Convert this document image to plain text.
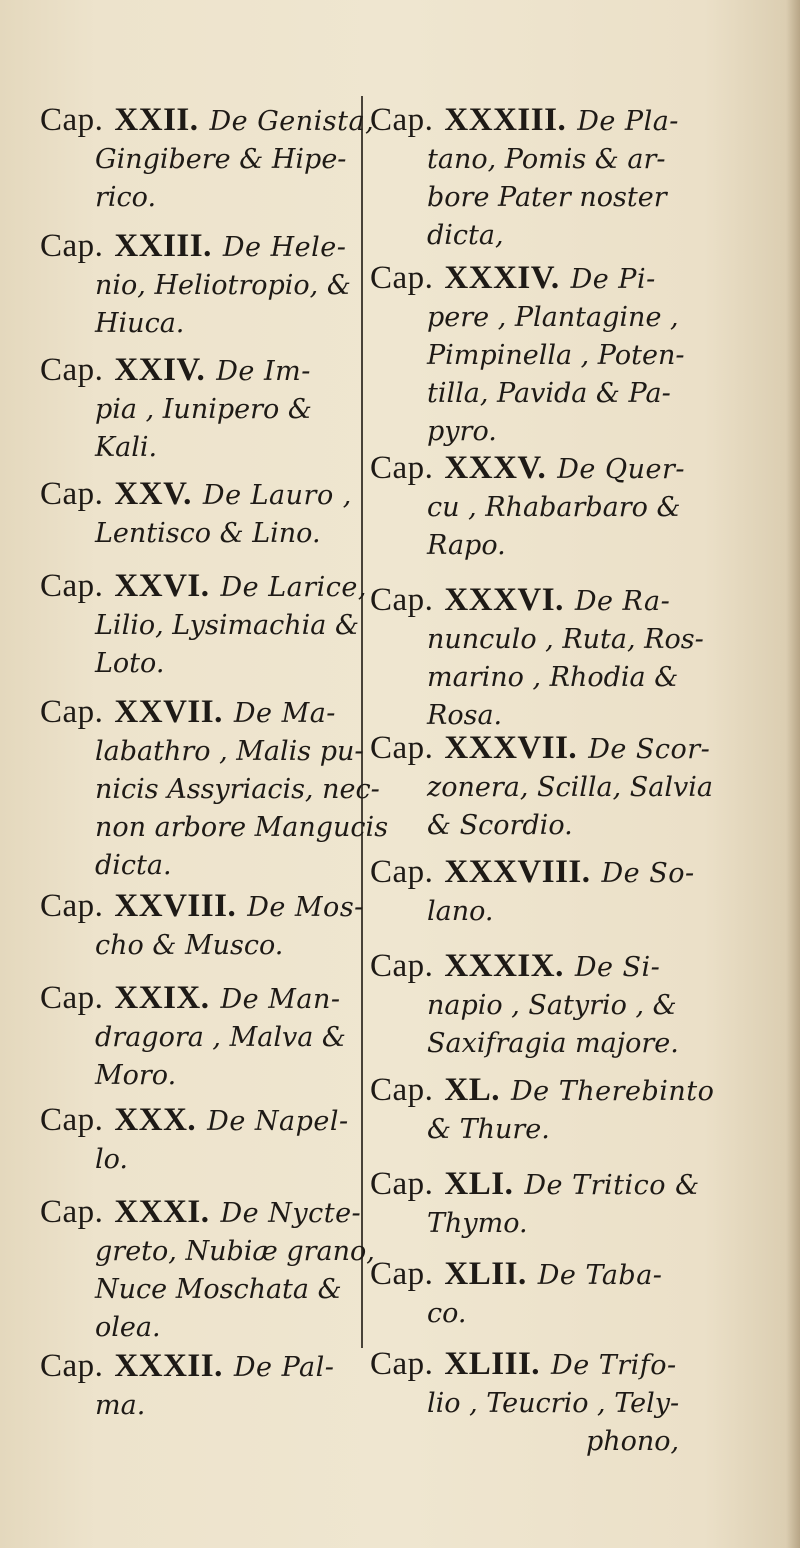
Cap. XXII. De Genista,
Gingibere & Hipe-
rico.
Cap. XXIII. De Hele-
nio, Heliotropio, &
Hiuca.
Cap. XXIV. De Im-
pia , Iunipero &
Kali.
Cap. XXV. De Lauro ,
Lentisco & Lino.
Cap. XXVI. De Larice,
Lilio, Lysimachia &
Loto.
Cap. XXVII. De Ma-
labathro , Malis pu-
nicis Assyriacis, nec-
non arbore Mangucis
dicta.
Cap. XXVIII. De Mos-
cho & Musco.
Cap. XXIX. De Man-
dragora , Malva &
Moro.
Cap. XXX. De Napel-
lo.
Cap. XXXI. De Nycte-
greto, Nubiæ grano,
Nuce Moschata &
olea.
Cap. XXXII. De Pal-
ma.
Cap. XXXIII. De Pla-
tano, Pomis & ar-
bore Pater noster
dicta,
Cap. XXXIV. De Pi-
pere , Plantagine ,
Pimpinella , Poten-
tilla, Pavida & Pa-
pyro.
Cap. XXXV. De Quer-
cu , Rhabarbaro &
Rapo.
Cap. XXXVI. De Ra-
nunculo , Ruta, Ros-
marino , Rhodia &
Rosa.
Cap. XXXVII. De Scor-
zonera, Scilla, Salvia
& Scordio.
Cap. XXXVIII. De So-
lano.
Cap. XXXIX. De Si-
napio , Satyrio , &
Saxifragia majore.
Cap. XL. De Therebinto
& Thure.
Cap. XLI. De Tritico &
Thymo.
Cap. XLII. De Taba-
co.
Cap. XLIII. De Trifo-
lio , Teucrio , Tely-
phono,
